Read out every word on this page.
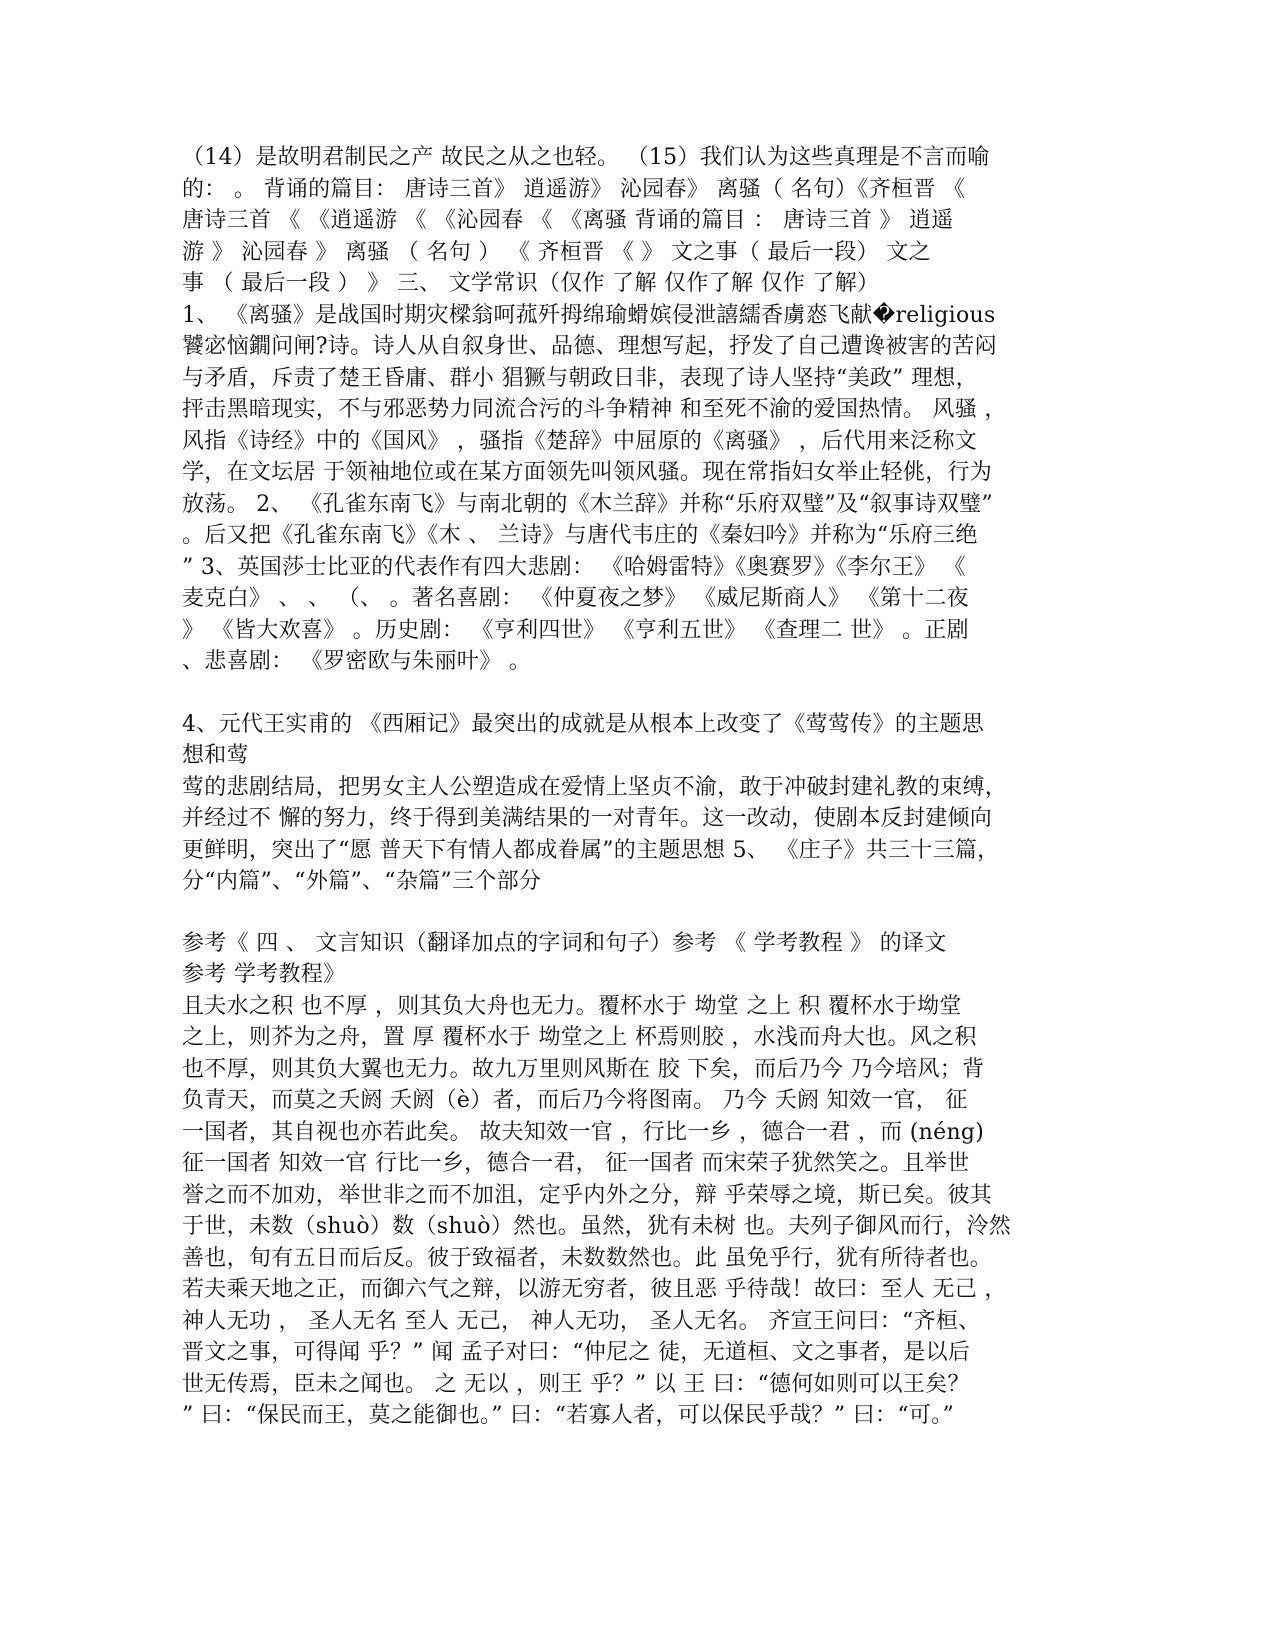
（14）是故明君制民之产 故民之从之也轻。 （15）我们认为这些真理是不言而喻
的： 。 背诵的篇目： 唐诗三首》 逍遥游》 沁园春》 离骚（ 名句）《齐桓晋 《
唐诗三首 《 《逍遥游 《 《沁园春 《 《离骚 背诵的篇目 ： 唐诗三首 》 逍遥
游 》 沁园春 》 离骚 （ 名句 ） 《 齐桓晋 《 》 文之事（ 最后一段） 文之
事 （ 最后一段 ） 》 三、 文学常识（仅作 了解 仅作了解 仅作 了解）
1、 《离骚》是战国时期灾樑翁呵菰歼拇绵瑜螖嫔侵泄譆繻香虜㤲飞献�religious
饕宓恼鐗问闸?诗。诗人从自叙身世、品德、理想写起，抒发了自己遭谗被害的苦闷
与矛盾，斥责了楚王昏庸、群小 猖獗与朝政日非，表现了诗人坚持“美政” 理想，
抨击黑暗现实，不与邪恶势力同流合污的斗争精神 和至死不渝的爱国热情。 风骚 ，
风指《诗经》中的《国风》 ，骚指《楚辞》中屈原的《离骚》 ，后代用来泛称文
学，在文坛居 于领袖地位或在某方面领先叫领风骚。现在常指妇女举止轻佻，行为
放荡。 2、 《孔雀东南飞》与南北朝的《木兰辞》并称“乐府双璧”及“叙事诗双璧”
。后又把《孔雀东南飞》《木 、 兰诗》与唐代韦庄的《秦妇吟》并称为“乐府三绝
” 3、英国莎士比亚的代表作有四大悲剧： 《哈姆雷特》《奥赛罗》《李尔王》 《
麦克白》 、 、 （、 。著名喜剧： 《仲夏夜之梦》 《威尼斯商人》 《第十二夜
》 《皆大欢喜》 。历史剧： 《亨利四世》 《亨利五世》 《查理二 世》 。正剧
、悲喜剧： 《罗密欧与朱丽叶》 。
4、元代王实甫的 《西厢记》最突出的成就是从根本上改变了《莺莺传》的主题思
想和莺
莺的悲剧结局，把男女主人公塑造成在爱情上坚贞不渝，敢于冲破封建礼教的束缚，
并经过不 懈的努力，终于得到美满结果的一对青年。这一改动，使剧本反封建倾向
更鲜明，突出了“愿 普天下有情人都成眷属”的主题思想 5、 《庄子》共三十三篇，
分“内篇”、“外篇”、“杂篇”三个部分
参考《 四 、 文言知识（翻译加点的字词和句子）参考 《 学考教程 》 的译文
参考 学考教程》
且夫水之积 也不厚 ，则其负大舟也无力。覆杯水于 坳堂 之上 积 覆杯水于坳堂
之上，则芥为之舟，置 厚 覆杯水于 坳堂之上 杯焉则胶 ，水浅而舟大也。风之积
也不厚，则其负大翼也无力。故九万里则风斯在 胶 下矣，而后乃今 乃今培风；背
负青天，而莫之夭阏 夭阏（è）者，而后乃今将图南。 乃今 夭阏 知效一官， 征
一国者，其自视也亦若此矣。 故夫知效一官 ，行比一乡 ，德合一君 ，而 (néng)
征一国者 知效一官 行比一乡，德合一君， 征一国者 而宋荣子犹然笑之。且举世
誉之而不加劝，举世非之而不加沮，定乎内外之分，辩 乎荣辱之境，斯已矣。彼其
于世，未数（shuò）数（shuò）然也。虽然，犹有未树 也。夫列子御风而行，泠然
善也，旬有五日而后反。彼于致福者，未数数然也。此 虽免乎行，犹有所待者也。
若夫乘天地之正，而御六气之辩，以游无穷者，彼且恶 乎待哉！故曰：至人 无己 ，
神人无功 ， 圣人无名 至人 无己， 神人无功， 圣人无名。 齐宣王问曰：“齐桓、
晋文之事，可得闻 乎？” 闻 孟子对曰：“仲尼之 徒，无道桓、文之事者，是以后
世无传焉，臣未之闻也。 之 无以 ，则王 乎？” 以 王 曰：“德何如则可以王矣？
” 曰：“保民而王，莫之能御也。” 曰：“若寡人者，可以保民乎哉？” 曰：“可。”
